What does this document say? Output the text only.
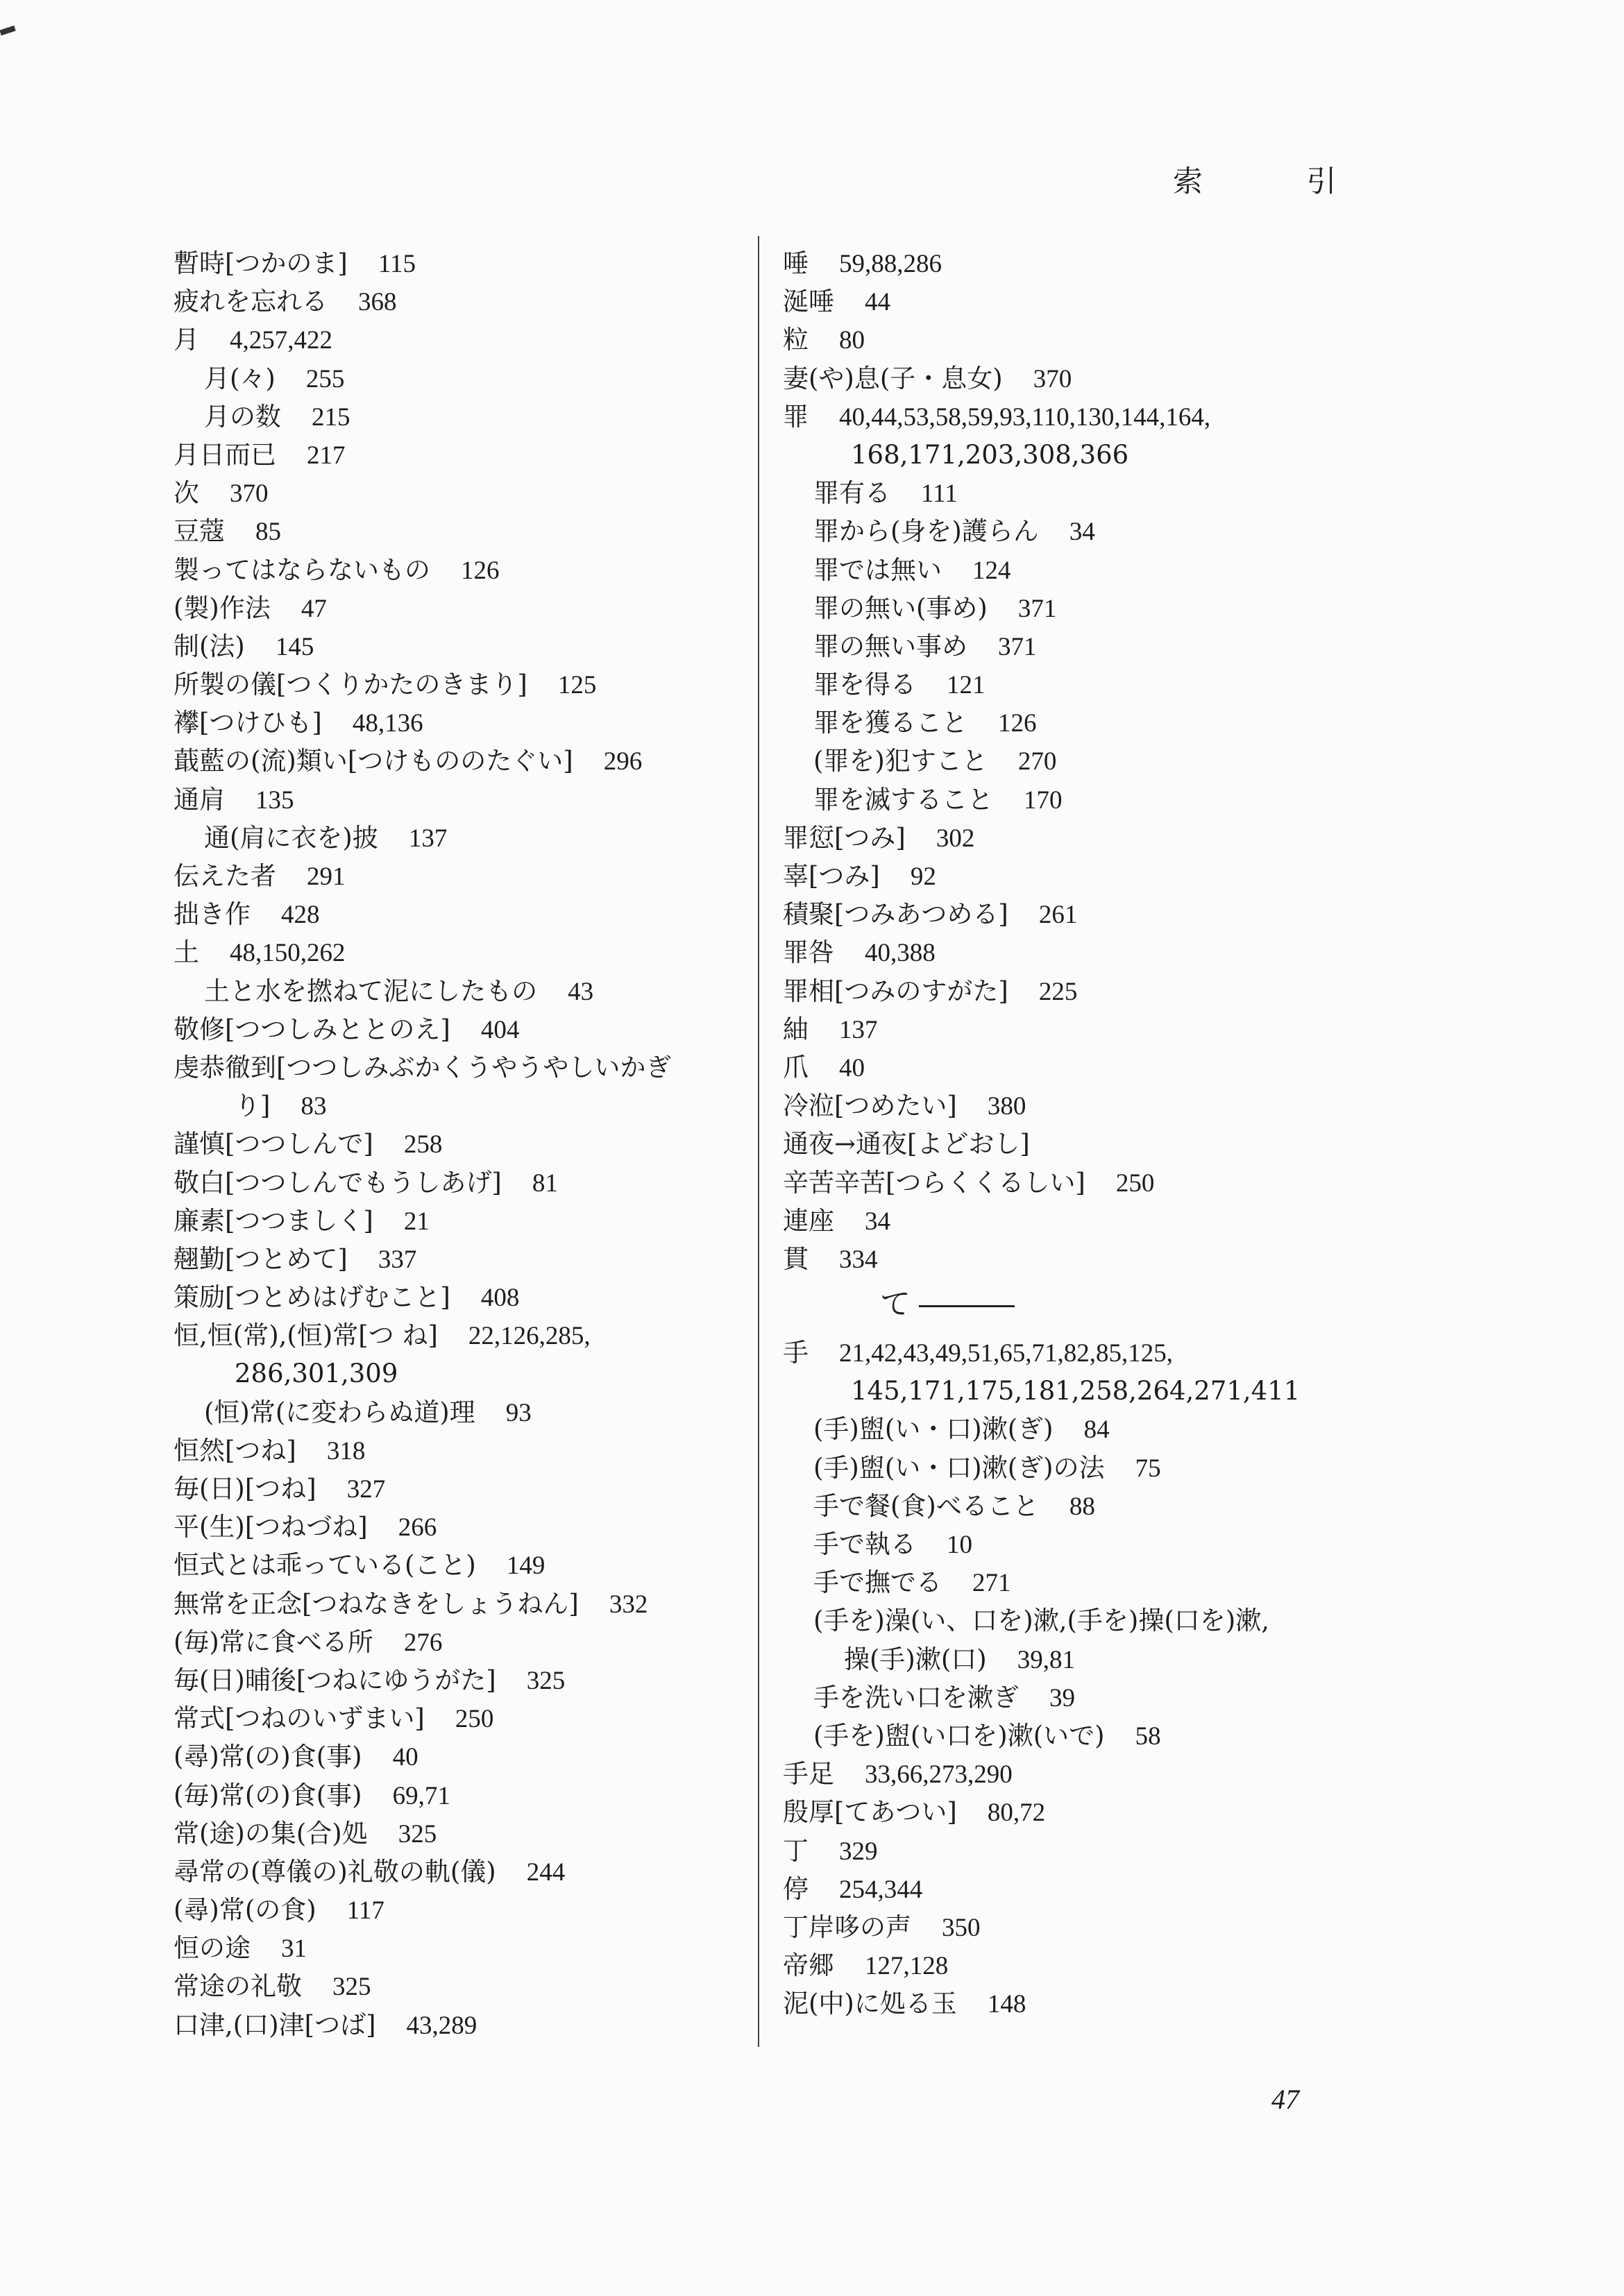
索 引
暫時[つかのま] 115
疲れを忘れる 368
月 4,257,422
月(々) 255
月の数 215
月日而已 217
次 370
豆蔻 85
製ってはならないもの 126
(製)作法 47
制(法) 145
所製の儀[つくりかたのきまり] 125
襻[つけひも] 48,136
蕺藍の(流)類い[つけもののたぐい] 296
通肩 135
通(肩に衣を)披 137
伝えた者 291
拙き作 428
土 48,150,262
土と水を撚ねて泥にしたもの 43
敬修[つつしみととのえ] 404
虔恭徹到[つつしみぶかくうやうやしいかぎ
り] 83
謹慎[つつしんで] 258
敬白[つつしんでもうしあげ] 81
廉素[つつましく] 21
翹勤[つとめて] 337
策励[つとめはげむこと] 408
恒,恒(常),(恒)常[つ ね] 22,126,285,
286,301,309
(恒)常(に変わらぬ道)理 93
恒然[つね] 318
毎(日)[つね] 327
平(生)[つねづね] 266
恒式とは乖っている(こと) 149
無常を正念[つねなきをしょうねん] 332
(毎)常に食べる所 276
毎(日)晡後[つねにゆうがた] 325
常式[つねのいずまい] 250
(尋)常(の)食(事) 40
(毎)常(の)食(事) 69,71
常(途)の集(合)処 325
尋常の(尊儀の)礼敬の軌(儀) 244
(尋)常(の食) 117
恒の途 31
常途の礼敬 325
口津,(口)津[つば] 43,289
唾 59,88,286
涎唾 44
粒 80
妻(や)息(子・息女) 370
罪 40,44,53,58,59,93,110,130,144,164,
168,171,203,308,366
罪有る 111
罪から(身を)護らん 34
罪では無い 124
罪の無い(事め) 371
罪の無い事め 371
罪を得る 121
罪を獲ること 126
(罪を)犯すこと 270
罪を滅すること 170
罪愆[つみ] 302
辜[つみ] 92
積聚[つみあつめる] 261
罪咎 40,388
罪相[つみのすがた] 225
紬 137
爪 40
冷涖[つめたい] 380
通夜→通夜[よどおし]
辛苦辛苦[つらくくるしい] 250
連座 34
貫 334
て
手 21,42,43,49,51,65,71,82,85,125,
145,171,175,181,258,264,271,411
(手)盥(い・口)漱(ぎ) 84
(手)盥(い・口)漱(ぎ)の法 75
手で餐(食)べること 88
手で執る 10
手で撫でる 271
(手を)澡(い、口を)漱,(手を)操(口を)漱,
操(手)漱(口) 39,81
手を洗い口を漱ぎ 39
(手を)盥(い口を)漱(いで) 58
手足 33,66,273,290
殷厚[てあつい] 80,72
丁 329
停 254,344
丁岸哆の声 350
帝郷 127,128
泥(中)に処る玉 148
47
